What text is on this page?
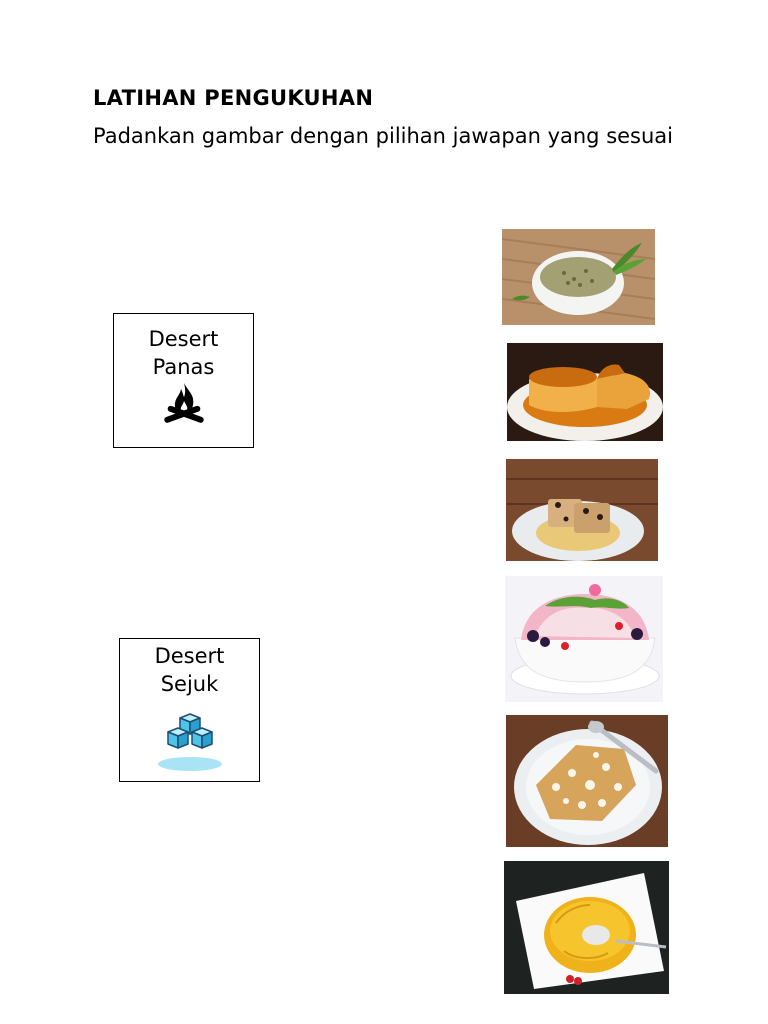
LATIHAN PENGUKUHAN
Padankan gambar dengan pilihan jawapan yang sesuai
Desert
Panas
Desert
Sejuk
